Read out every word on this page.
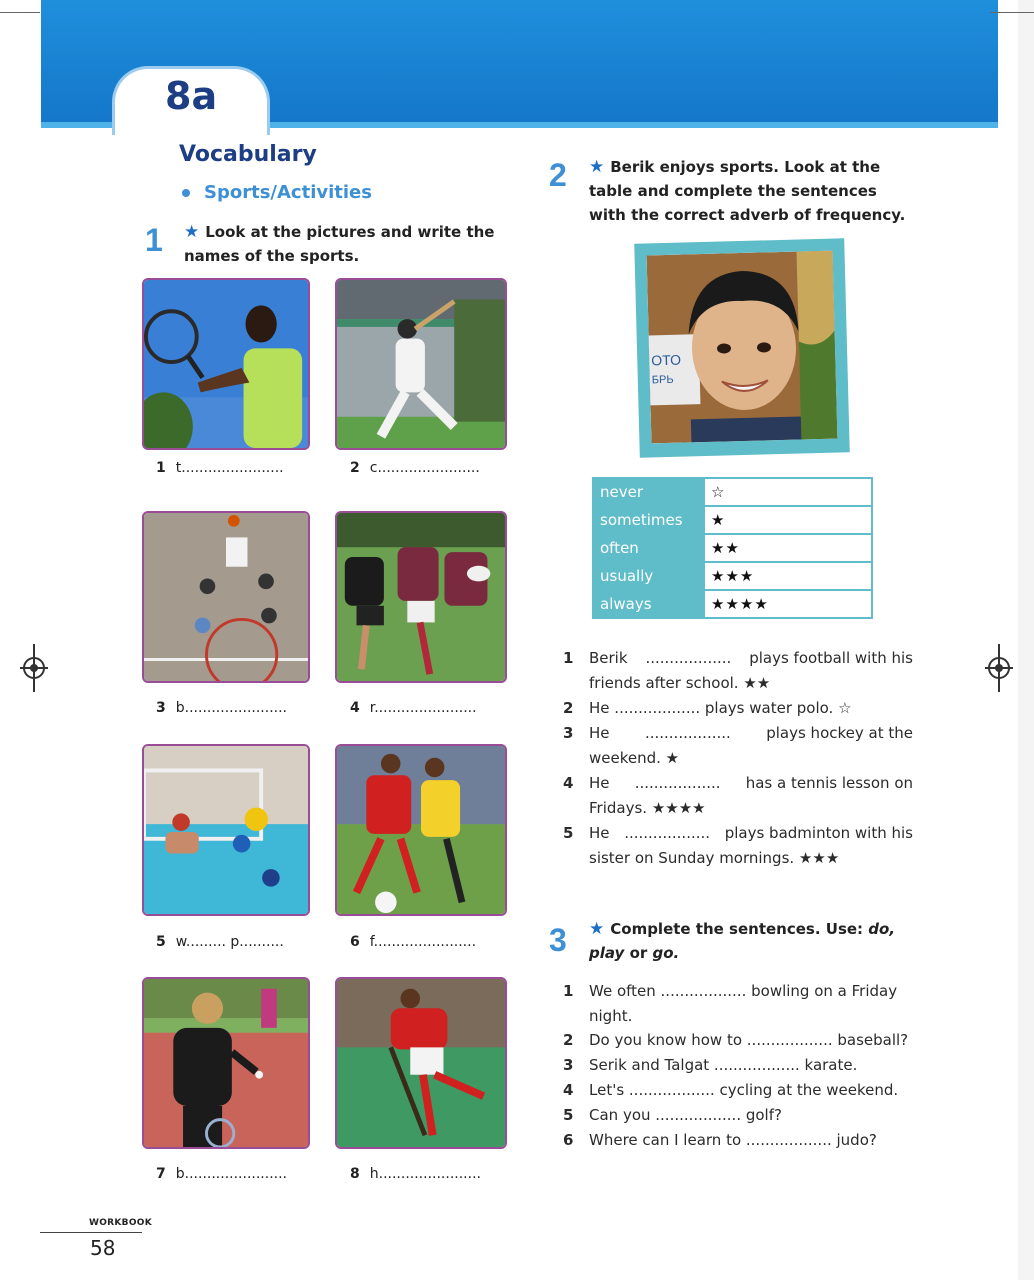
8a
Vocabulary
Sports/Activities
1 ★ Look at the pictures and write the names of the sports.
1 t.......................	2 c.......................
3 b.......................	4 r.......................
5 w......... p..........	6 f.......................
7 b.......................	8 h.......................
2 ★ Berik enjoys sports. Look at the table and complete the sentences with the correct adverb of frequency.
ОТО
БРЬ
never	☆
sometimes	★
often	★★
usually	★★★
always	★★★★
1 Berik .................. plays football with his
friends after school. ★★
2 He .................. plays water polo. ☆
3 He .................. plays hockey at the
weekend. ★
4 He .................. has a tennis lesson on
Fridays. ★★★★
5 He .................. plays badminton with his
sister on Sunday mornings. ★★★
3 ★ Complete the sentences. Use: do,
play or go.
1 We often .................. bowling on a Friday
night.
2 Do you know how to .................. baseball?
3 Serik and Talgat .................. karate.
4 Let's .................. cycling at the weekend.
5 Can you .................. golf?
6 Where can I learn to .................. judo?
WORKBOOK
58
